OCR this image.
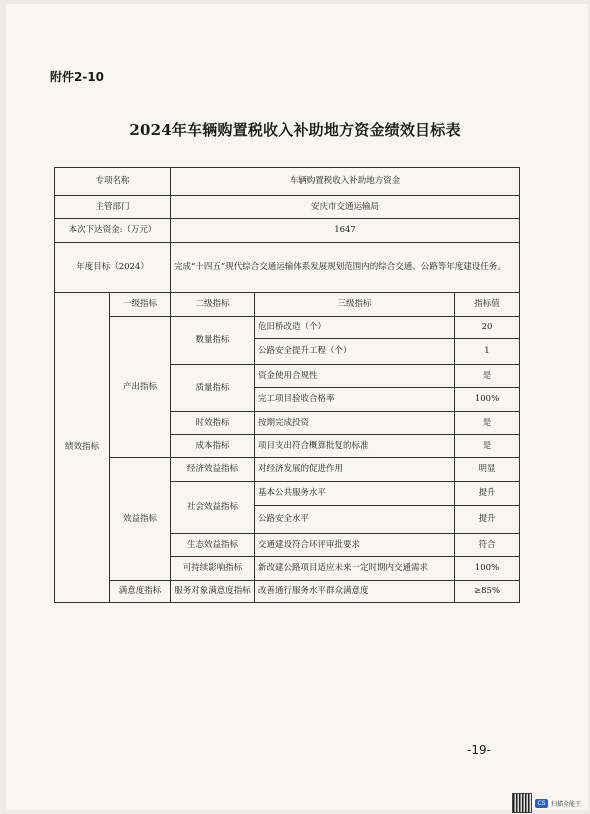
附件2-10
2024年车辆购置税收入补助地方资金绩效目标表
专项名称		车辆购置税收入补助地方资金		
主管部门		安庆市交通运输局		
本次下达资金:（万元）		1647		
年度目标（2024）		完成“十四五”现代综合交通运输体系发展规划范围内的综合交通、公路等年度建设任务。		
绩效指标	一级指标	二级指标	三级指标	指标值
	产出指标	数量指标	危旧桥改造（个）	20
			公路安全提升工程（个）	1
		质量指标	资金使用合规性	是
			完工项目验收合格率	100%
		时效指标	按期完成投资	是
		成本指标	项目支出符合概算批复的标准	是
	效益指标	经济效益指标	对经济发展的促进作用	明显
		社会效益指标	基本公共服务水平	提升
			公路安全水平	提升
		生态效益指标	交通建设符合环评审批要求	符合
		可持续影响指标	新改建公路项目适应未来一定时期内交通需求	100%
	满意度指标	服务对象满意度指标	改善通行服务水平群众满意度	≥85%
-19-
CS 扫描全能王
